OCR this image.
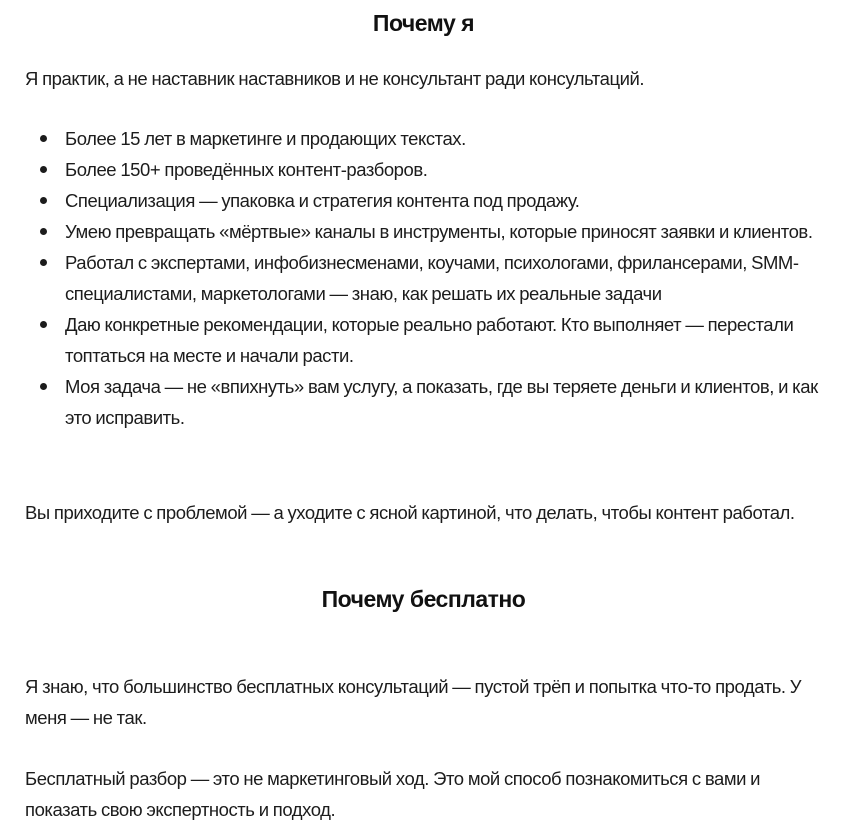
Почему я

Я практик, а не наставник наставников и не консультант ради консультаций.

Более 15 лет в маркетинге и продающих текстах.
Более 150+ проведённых контент-разборов.
Специализация — упаковка и стратегия контента под продажу.
Умею превращать «мёртвые» каналы в инструменты, которые приносят заявки и клиентов.
Работал с экспертами, инфобизнесменами, коучами, психологами, фрилансерами, SMM-специалистами, маркетологами — знаю, как решать их реальные задачи
Даю конкретные рекомендации, которые реально работают. Кто выполняет — перестали топтаться на месте и начали расти.
Моя задача — не «впихнуть» вам услугу, а показать, где вы теряете деньги и клиентов, и как это исправить.

Вы приходите с проблемой — а уходите с ясной картиной, что делать, чтобы контент работал.

Почему бесплатно

Я знаю, что большинство бесплатных консультаций — пустой трёп и попытка что-то продать. У меня — не так.

Бесплатный разбор — это не маркетинговый ход. Это мой способ познакомиться с вами и показать свою экспертность и подход.
